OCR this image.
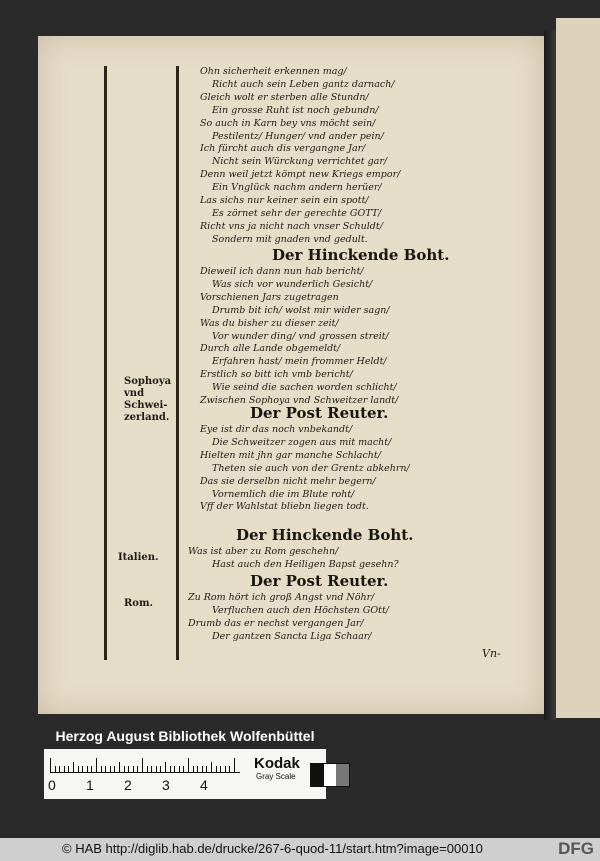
Sophoya
vnd
Schwei-
zerland.
Italien.
Rom.
Ohn sicherheit erkennen mag/
Richt auch sein Leben gantz darnach/
Gleich wolt er sterben alle Stundn/
Ein grosse Ruht ist noch gebundn/
So auch in Karn bey vns möcht sein/
Pestilentz/ Hunger/ vnd ander pein/
Ich fürcht auch dis vergangne Jar/
Nicht sein Würckung verrichtet gar/
Denn weil jetzt kömpt new Kriegs empor/
Ein Vnglück nachm andern herüer/
Las sichs nur keiner sein ein spott/
Es zörnet sehr der gerechte GOTT/
Richt vns ja nicht nach vnser Schuldt/
Sondern mit gnaden vnd gedult.
Der Hinckende Boht.
Dieweil ich dann nun hab bericht/
Was sich vor wunderlich Gesicht/
Vorschienen Jars zugetragen
Drumb bit ich/ wolst mir wider sagn/
Was du bisher zu dieser zeit/
Vor wunder ding/ vnd grossen streit/
Durch alle Lande obgemeldt/
Erfahren hast/ mein frommer Heldt/
Erstlich so bitt ich vmb bericht/
Wie seind die sachen worden schlicht/
Zwischen Sophoya vnd Schweitzer landt/
Der Post Reuter.
Eye ist dir das noch vnbekandt/
Die Schweitzer zogen aus mit macht/
Hielten mit jhn gar manche Schlacht/
Theten sie auch von der Grentz abkehrn/
Das sie derselbn nicht mehr begern/
Vornemlich die im Blute roht/
Vff der Wahlstat bliebn liegen todt.
Der Hinckende Boht.
Was ist aber zu Rom geschehn/
Hast auch den Heiligen Bapst gesehn?
Der Post Reuter.
Zu Rom hört ich groß Angst vnd Nöhr/
Verfluchen auch den Höchsten GOtt/
Drumb das er nechst vergangen Jar/
Der gantzen Sancta Liga Schaar/
Vn-
Herzog August Bibliothek Wolfenbüttel
0 1 2 3 4
Kodak
Gray Scale
© HAB http://diglib.hab.de/drucke/267-6-quod-11/start.htm?image=00010	DFG
